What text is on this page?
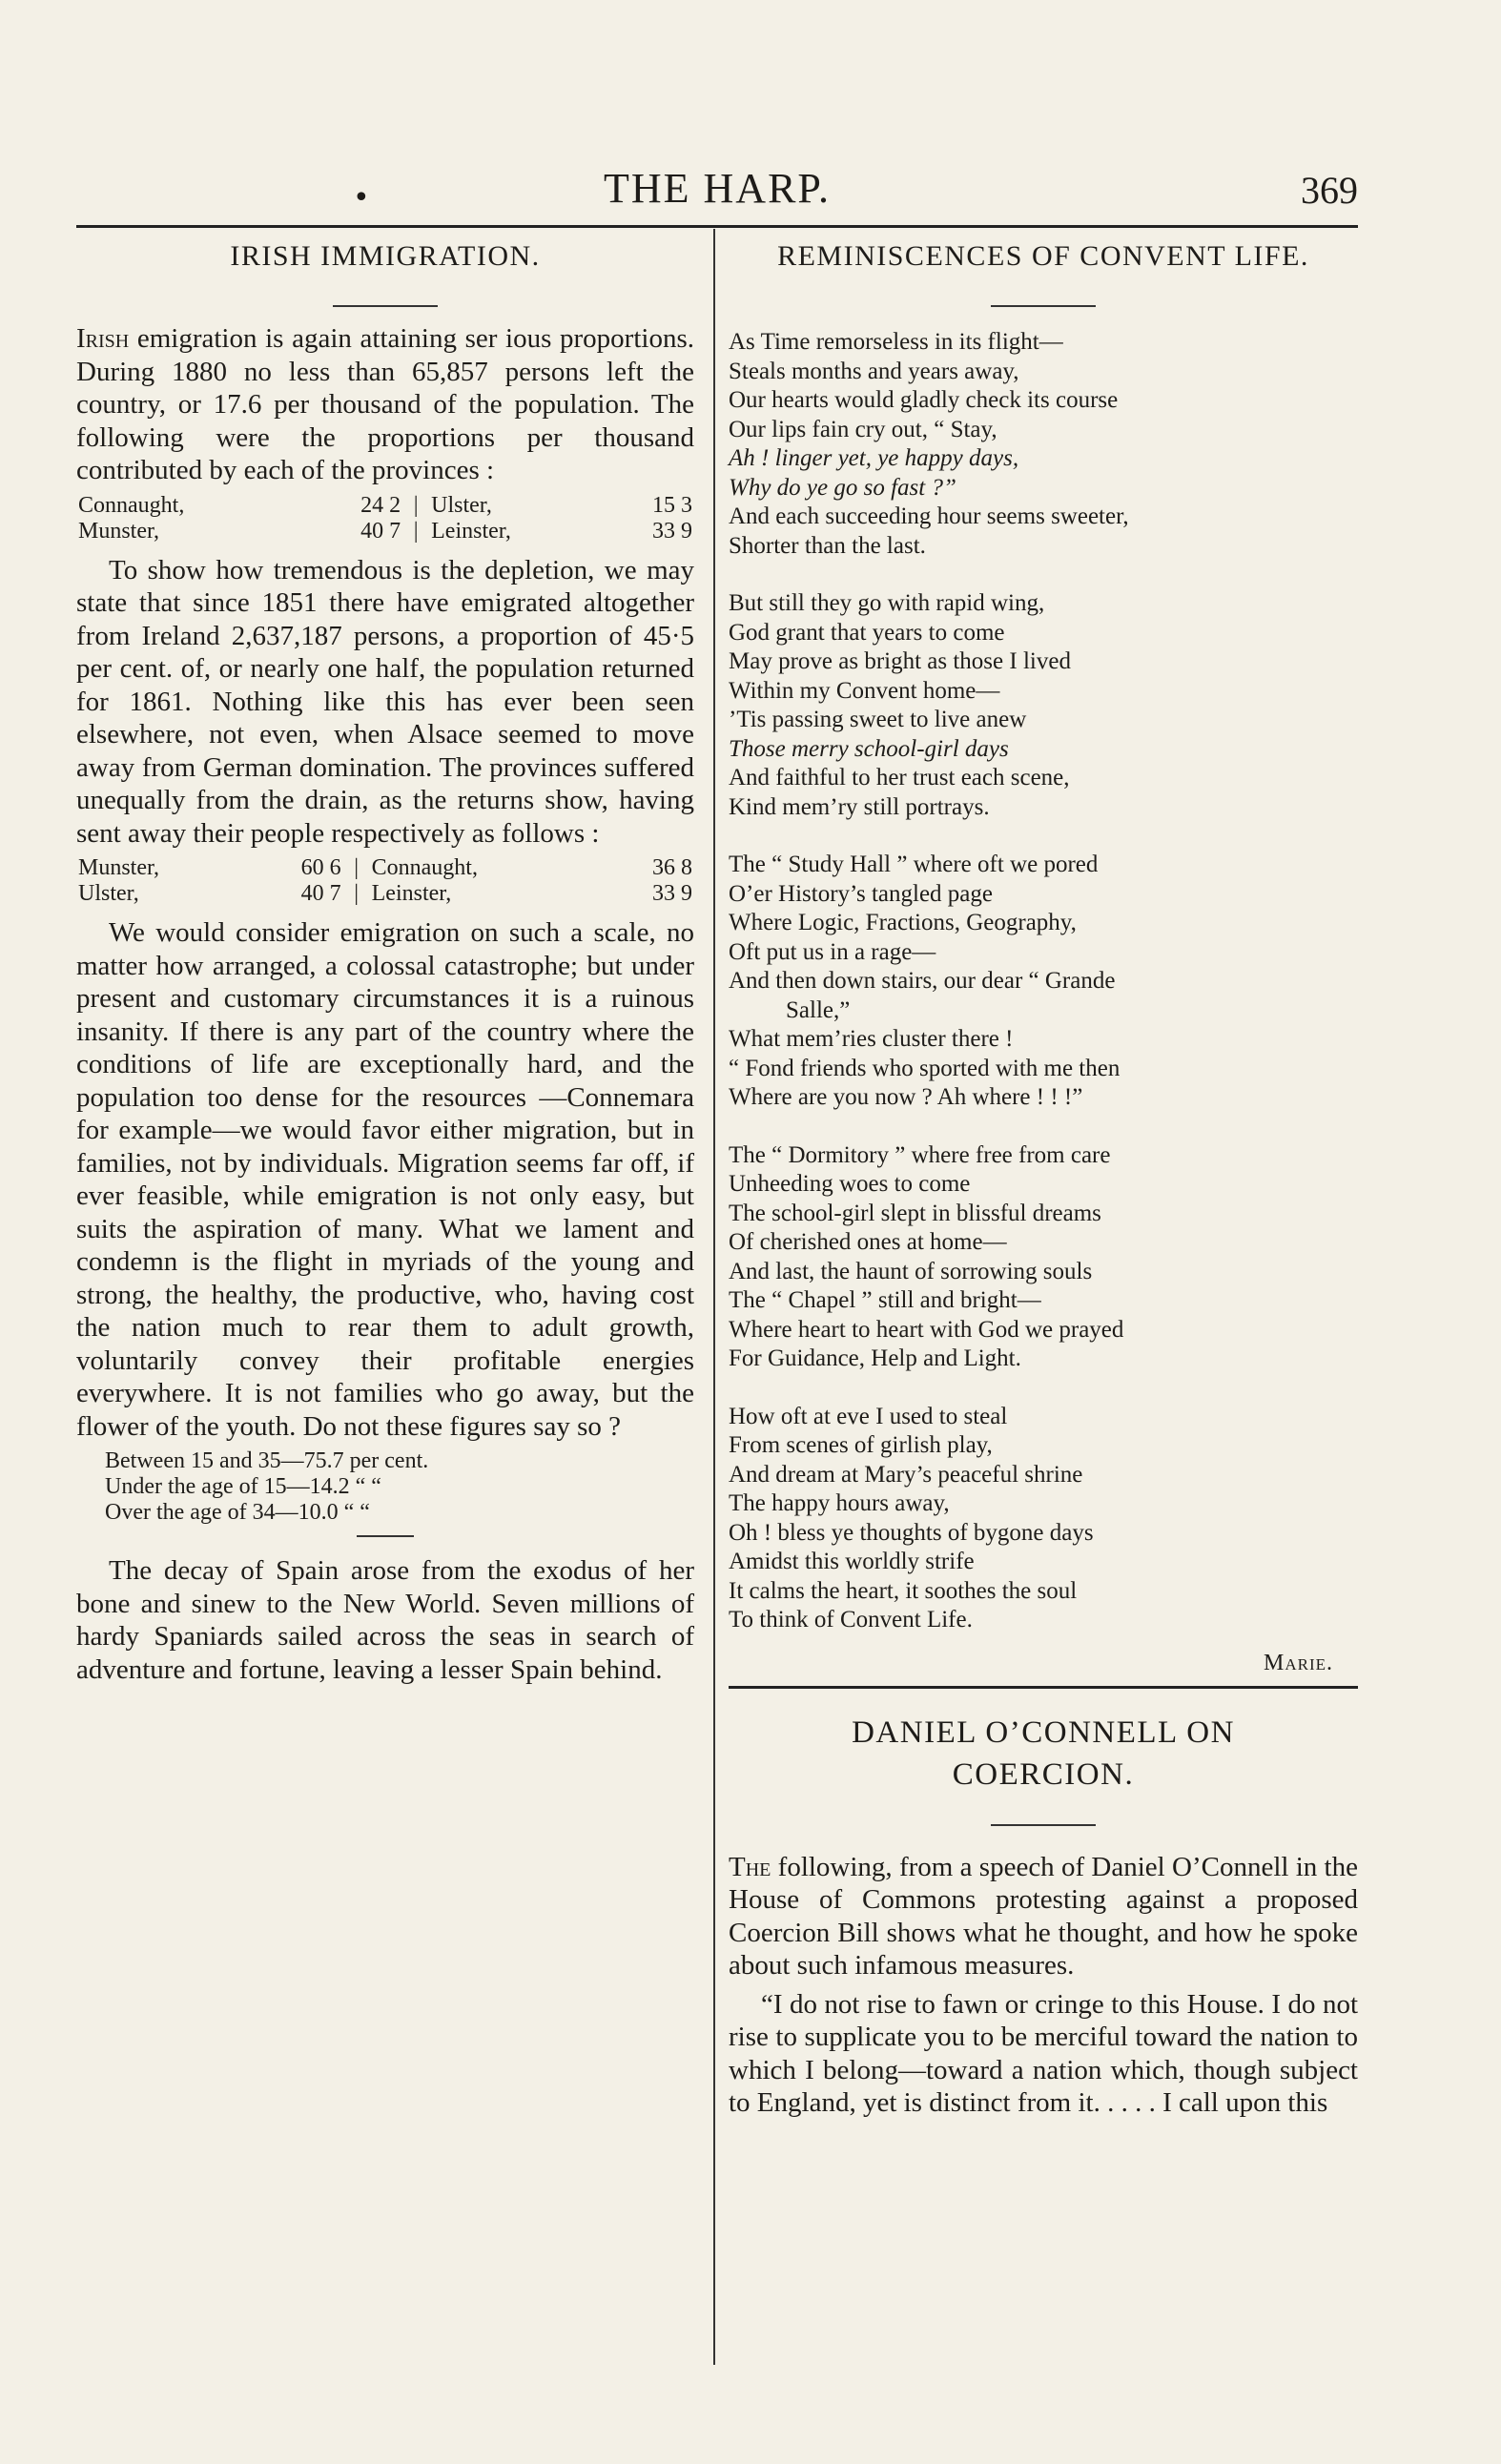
•	THE HARP.	369
IRISH IMMIGRATION.

Irish emigration is again attaining ser ious proportions. During 1880 no less than 65,857 persons left the country, or 17.6 per thousand of the population. The following were the proportions per thousand contributed by each of the provinces :

Connaught,	24 2	|	Ulster,	15 3
Munster,	40 7	|	Leinster,	33 9

To show how tremendous is the depletion, we may state that since 1851 there have emigrated altogether from Ireland 2,637,187 persons, a proportion of 45·5 per cent. of, or nearly one half, the population returned for 1861. Nothing like this has ever been seen elsewhere, not even, when Alsace seemed to move away from German domination. The provinces suffered unequally from the drain, as the returns show, having sent away their people respectively as follows :

Munster,	60 6	|	Connaught,	36 8
Ulster,	40 7	|	Leinster,	33 9

We would consider emigration on such a scale, no matter how arranged, a colossal catastrophe; but under present and customary circumstances it is a ruinous insanity. If there is any part of the country where the conditions of life are exceptionally hard, and the population too dense for the resources —Connemara for example—we would favor either migration, but in families, not by individuals. Migration seems far off, if ever feasible, while emigration is not only easy, but suits the aspiration of many. What we lament and condemn is the flight in myriads of the young and strong, the healthy, the productive, who, having cost the nation much to rear them to adult growth, voluntarily convey their profitable energies everywhere. It is not families who go away, but the flower of the youth. Do not these figures say so ?

Between 15 and 35—75.7 per cent.
Under the age of 15—14.2 “ “
Over the age of 34—10.0 “ “

The decay of Spain arose from the exodus of her bone and sinew to the New World. Seven millions of hardy Spaniards sailed across the seas in search of adventure and fortune, leaving a lesser Spain behind.

REMINISCENCES OF CONVENT LIFE.
As Time remorseless in its flight—
Steals months and years away,
Our hearts would gladly check its course
Our lips fain cry out, “ Stay,
Ah ! linger yet, ye happy days,
Why do ye go so fast ?”
And each succeeding hour seems sweeter,
Shorter than the last.
But still they go with rapid wing,
God grant that years to come
May prove as bright as those I lived
Within my Convent home—
’Tis passing sweet to live anew
Those merry school-girl days
And faithful to her trust each scene,
Kind mem’ry still portrays.
The “ Study Hall ” where oft we pored
O’er History’s tangled page
Where Logic, Fractions, Geography,
Oft put us in a rage—
And then down stairs, our dear “ Grande
Salle,”
What mem’ries cluster there !
“ Fond friends who sported with me then
Where are you now ? Ah where ! ! !”
The “ Dormitory ” where free from care
Unheeding woes to come
The school-girl slept in blissful dreams
Of cherished ones at home—
And last, the haunt of sorrowing souls
The “ Chapel ” still and bright—
Where heart to heart with God we prayed
For Guidance, Help and Light.
How oft at eve I used to steal
From scenes of girlish play,
And dream at Mary’s peaceful shrine
The happy hours away,
Oh ! bless ye thoughts of bygone days
Amidst this worldly strife
It calms the heart, it soothes the soul
To think of Convent Life.
Marie.
DANIEL O’CONNELL ON
COERCION.

The following, from a speech of Daniel O’Connell in the House of Commons protesting against a proposed Coercion Bill shows what he thought, and how he spoke about such infamous measures.

“I do not rise to fawn or cringe to this House. I do not rise to supplicate you to be merciful toward the nation to which I belong—toward a nation which, though subject to England, yet is distinct from it. . . . . I call upon this
